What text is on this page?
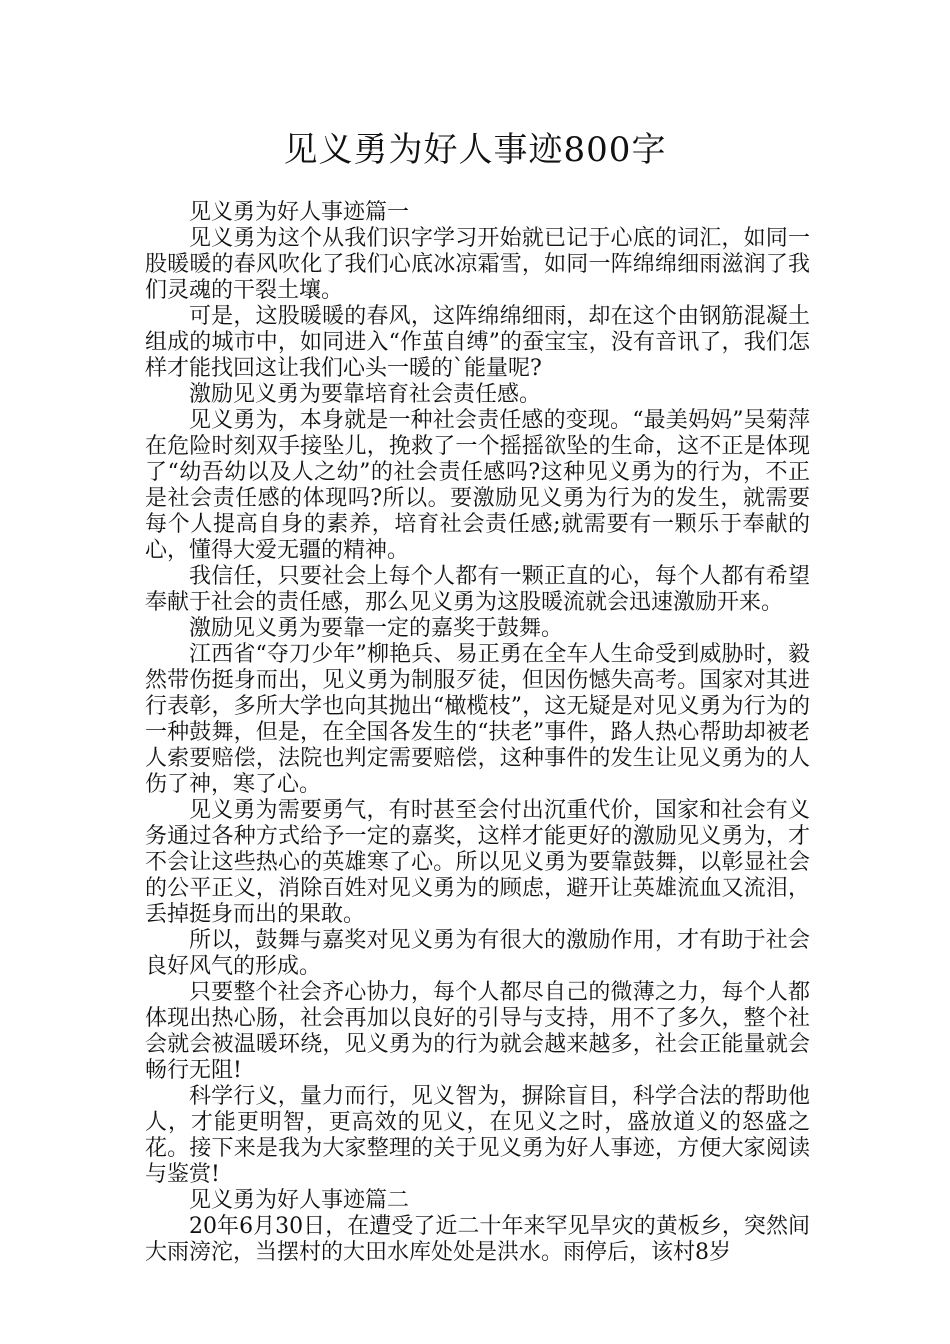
见义勇为好人事迹800字

见义勇为好人事迹篇一

见义勇为这个从我们识字学习开始就已记于心底的词汇，如同一股暖暖的春风吹化了我们心底冰凉霜雪，如同一阵绵绵细雨滋润了我们灵魂的干裂土壤。

可是，这股暖暖的春风，这阵绵绵细雨，却在这个由钢筋混凝土组成的城市中，如同进入“作茧自缚”的蚕宝宝，没有音讯了，我们怎样才能找回这让我们心头一暖的`能量呢?

激励见义勇为要靠培育社会责任感。

见义勇为，本身就是一种社会责任感的变现。“最美妈妈”吴菊萍在危险时刻双手接坠儿，挽救了一个摇摇欲坠的生命，这不正是体现了“幼吾幼以及人之幼”的社会责任感吗?这种见义勇为的行为，不正是社会责任感的体现吗?所以。要激励见义勇为行为的发生，就需要每个人提高自身的素养，培育社会责任感;就需要有一颗乐于奉献的心，懂得大爱无疆的精神。

我信任，只要社会上每个人都有一颗正直的心，每个人都有希望奉献于社会的责任感，那么见义勇为这股暖流就会迅速激励开来。

激励见义勇为要靠一定的嘉奖于鼓舞。

江西省“夺刀少年”柳艳兵、易正勇在全车人生命受到威胁时，毅然带伤挺身而出，见义勇为制服歹徒，但因伤憾失高考。国家对其进行表彰，多所大学也向其抛出“橄榄枝”，这无疑是对见义勇为行为的一种鼓舞，但是，在全国各发生的“扶老”事件，路人热心帮助却被老人索要赔偿，法院也判定需要赔偿，这种事件的发生让见义勇为的人伤了神，寒了心。

见义勇为需要勇气，有时甚至会付出沉重代价，国家和社会有义务通过各种方式给予一定的嘉奖，这样才能更好的激励见义勇为，才不会让这些热心的英雄寒了心。所以见义勇为要靠鼓舞，以彰显社会的公平正义，消除百姓对见义勇为的顾虑，避开让英雄流血又流泪，丢掉挺身而出的果敢。

所以，鼓舞与嘉奖对见义勇为有很大的激励作用，才有助于社会良好风气的形成。

只要整个社会齐心协力，每个人都尽自己的微薄之力，每个人都体现出热心肠，社会再加以良好的引导与支持，用不了多久，整个社会就会被温暖环绕，见义勇为的行为就会越来越多，社会正能量就会畅行无阻!

科学行义，量力而行，见义智为，摒除盲目，科学合法的帮助他人，才能更明智，更高效的见义，在见义之时，盛放道义的怒盛之花。接下来是我为大家整理的关于见义勇为好人事迹，方便大家阅读与鉴赏!

见义勇为好人事迹篇二

20年6月30日，在遭受了近二十年来罕见旱灾的黄板乡，突然间大雨滂沱，当摆村的大田水库处处是洪水。雨停后，该村8岁
